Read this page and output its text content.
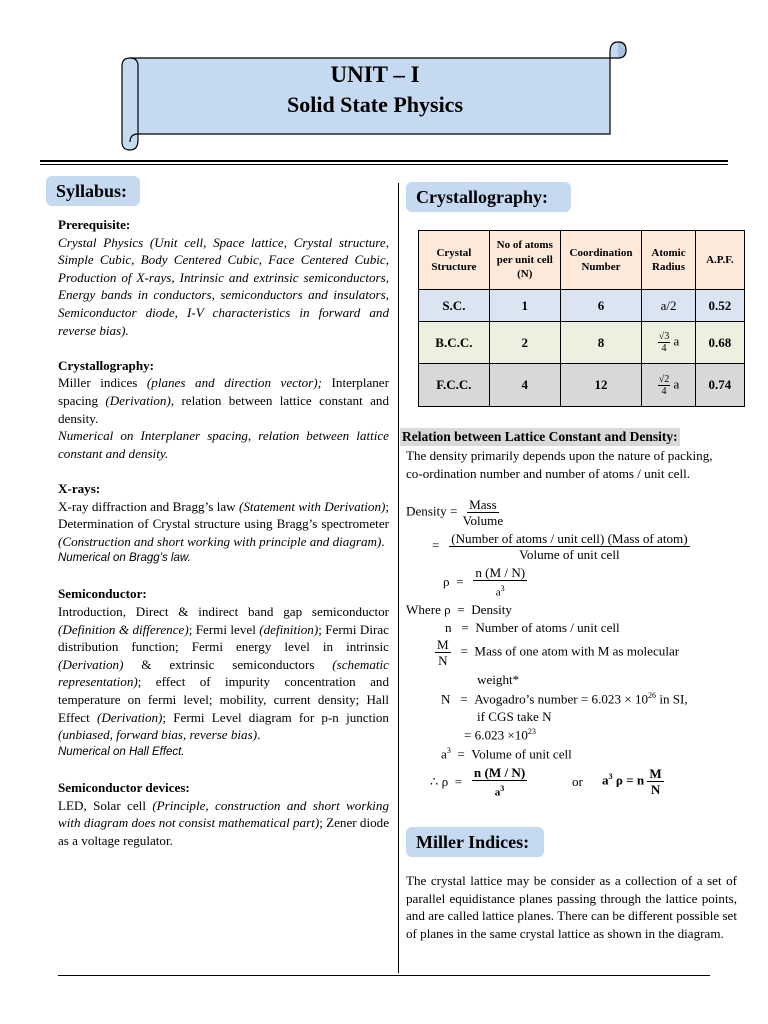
UNIT – I
Solid State Physics
Syllabus:

Prerequisite:

Crystal Physics (Unit cell, Space lattice, Crystal structure, Simple Cubic, Body Centered Cubic, Face Centered Cubic, Production of X-rays, Intrinsic and extrinsic semiconductors, Energy bands in conductors, semiconductors and insulators, Semiconductor diode, I-V characteristics in forward and reverse bias).

Crystallography:

Miller indices (planes and direction vector); Interplaner spacing (Derivation), relation between lattice constant and density.

Numerical on Interplaner spacing, relation between lattice constant and density.

X-rays:

X-ray diffraction and Bragg’s law (Statement with Derivation); Determination of Crystal structure using Bragg’s spectrometer (Construction and short working with principle and diagram).

Numerical on Bragg’s law.

Semiconductor:

Introduction, Direct & indirect band gap semiconductor (Definition & difference); Fermi level (definition); Fermi Dirac distribution function; Fermi energy level in intrinsic (Derivation) & extrinsic semiconductors (schematic representation); effect of impurity concentration and temperature on fermi level; mobility, current density; Hall Effect (Derivation); Fermi Level diagram for p-n junction (unbiased, forward bias, reverse bias).

Numerical on Hall Effect.

Semiconductor devices:

LED, Solar cell (Principle, construction and short working with diagram does not consist mathematical part); Zener diode as a voltage regulator.

Crystallography:
Crystal Structure	No of atoms per unit cell (N)	Coordination Number	Atomic Radius	A.P.F.
S.C.	1	6	a/2	0.52
B.C.C.	2	8	$\frac{√3}{4}$ a	0.68
F.C.C.	4	12	$\frac{√2}{4}$ a	0.74
Relation between Lattice Constant and Density:
The density primarily depends upon the nature of packing, co-ordination number and number of atoms / unit cell.
Density = Mass
Volume
= (Number of atoms / unit cell) (Mass of atom)
Volume of unit cell
ρ =
n (M / N)
$a^3$
Where ρ = Density
n = Number of atoms / unit cell
$\frac{M}{N}$ = Mass of one atom with M as molecular
weight*
N = Avogadro’s number = $6.023 \times 10^{26}$ in SI,
if CGS take N
= $6.023 \times 10^{23}$
$a^3$ = Volume of unit cell
∴ ρ =
n (M / N)
$a^3$	or $a^3$ ρ = n $\frac{M}{N}$
Miller Indices:
The crystal lattice may be consider as a collection of a set of parallel equidistance planes passing through the lattice points, and are called lattice planes. There can be different possible set of planes in the same crystal lattice as shown in the diagram.
